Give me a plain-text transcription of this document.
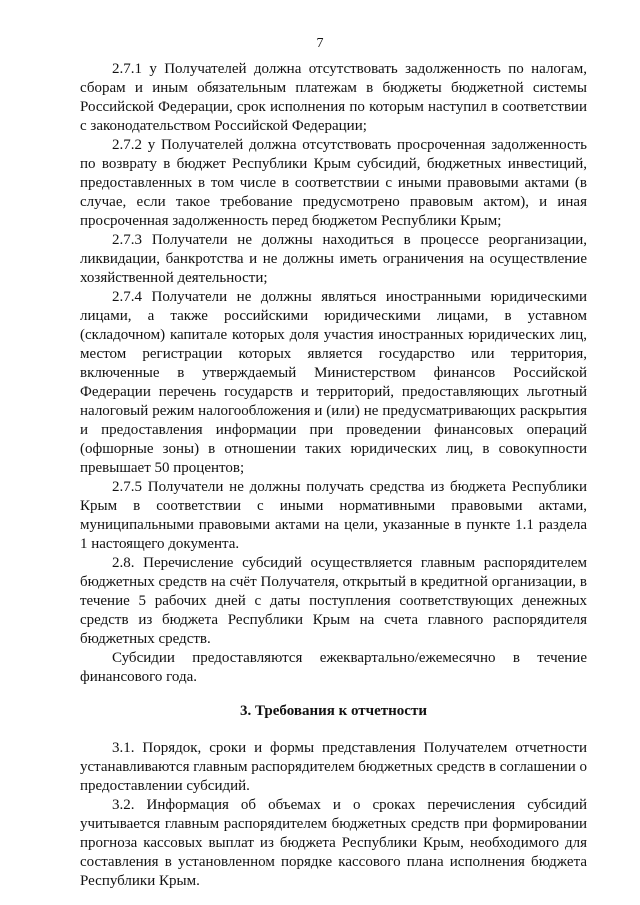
7

2.7.1 у Получателей должна отсутствовать задолженность по налогам, сборам и иным обязательным платежам в бюджеты бюджетной системы Российской Федерации, срок исполнения по которым наступил в соответствии с законодательством Российской Федерации;

2.7.2 у Получателей должна отсутствовать просроченная задолженность по возврату в бюджет Республики Крым субсидий, бюджетных инвестиций, предоставленных в том числе в соответствии с иными правовыми актами (в случае, если такое требование предусмотрено правовым актом), и иная просроченная задолженность перед бюджетом Республики Крым;

2.7.3 Получатели не должны находиться в процессе реорганизации, ликвидации, банкротства и не должны иметь ограничения на осуществление хозяйственной деятельности;

2.7.4 Получатели не должны являться иностранными юридическими лицами, а также российскими юридическими лицами, в уставном (складочном) капитале которых доля участия иностранных юридических лиц, местом регистрации которых является государство или территория, включенные в утверждаемый Министерством финансов Российской Федерации перечень государств и территорий, предоставляющих льготный налоговый режим налогообложения и (или) не предусматривающих раскрытия и предоставления информации при проведении финансовых операций (офшорные зоны) в отношении таких юридических лиц, в совокупности превышает 50 процентов;

2.7.5 Получатели не должны получать средства из бюджета Республики Крым в соответствии с иными нормативными правовыми актами, муниципальными правовыми актами на цели, указанные в пункте 1.1 раздела 1 настоящего документа.

2.8. Перечисление субсидий осуществляется главным распорядителем бюджетных средств на счёт Получателя, открытый в кредитной организации, в течение 5 рабочих дней с даты поступления соответствующих денежных средств из бюджета Республики Крым на счета главного распорядителя бюджетных средств.

Субсидии предоставляются ежеквартально/ежемесячно в течение финансового года.

3. Требования к отчетности

3.1. Порядок, сроки и формы представления Получателем отчетности устанавливаются главным распорядителем бюджетных средств в соглашении о предоставлении субсидий.

3.2. Информация об объемах и о сроках перечисления субсидий учитывается главным распорядителем бюджетных средств при формировании прогноза кассовых выплат из бюджета Республики Крым, необходимого для составления в установленном порядке кассового плана исполнения бюджета Республики Крым.
